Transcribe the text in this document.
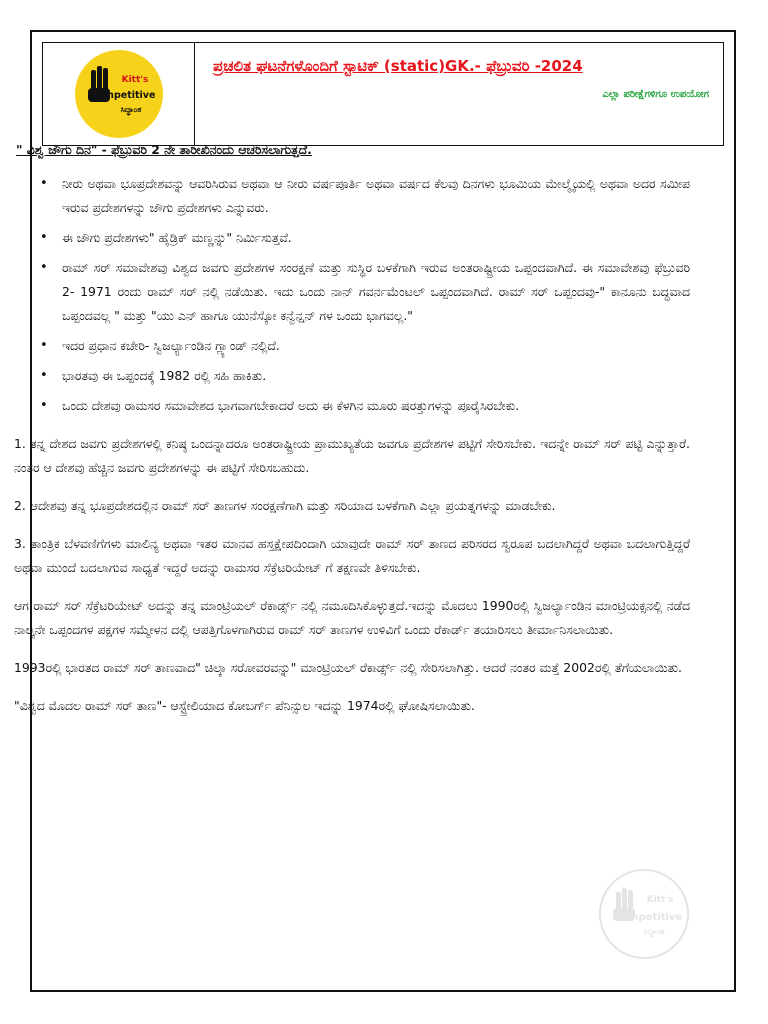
Kitt's
Competitive
ಸಿದ್ಧಾಂತ
ಪ್ರಚಲಿತ ಘಟನೆಗಳೊಂದಿಗೆ ಸ್ಟಾಟಿಕ್ (static)GK.- ಫೆಬ್ರುವರಿ -2024
ಎಲ್ಲಾ ಪರೀಕ್ಷೆಗಳಿಗೂ ಉಪಯೋಗ
" ವಿಶ್ವ ಜೌಗು ದಿನ" - ಫೆಬ್ರುವರಿ 2 ನೇ ತಾರೀಖಿನಂದು ಆಚರಿಸಲಾಗುತ್ತದೆ.
• ನೀರು ಅಥವಾ ಭೂಪ್ರದೇಶವನ್ನು ಆವರಿಸಿರುವ ಅಥವಾ ಆ ನೀರು ವರ್ಷಪೂರ್ತಿ ಅಥವಾ ವರ್ಷದ ಕೆಲವು ದಿನಗಳು ಭೂಮಿಯ ಮೇಲ್ಮೈಯಲ್ಲಿ ಅಥವಾ ಅದರ ಸಮೀಪ ಇರುವ ಪ್ರದೇಶಗಳನ್ನು ಜೌಗು ಪ್ರದೇಶಗಳು ಎನ್ನುವರು.
• ಈ ಜೌಗು ಪ್ರದೇಶಗಳು" ಹೈಡ್ರಿಕ್ ಮಣ್ಣನ್ನು" ನಿರ್ಮಿಸುತ್ತವೆ.
• ರಾಮ್ ಸರ್ ಸಮಾವೇಶವು ವಿಶ್ವದ ಜವಗು ಪ್ರದೇಶಗಳ ಸಂರಕ್ಷಣೆ ಮತ್ತು ಸುಸ್ಥಿರ ಬಳಕೆಗಾಗಿ ಇರುವ ಅಂತರಾಷ್ಟ್ರೀಯ ಒಪ್ಪಂದವಾಗಿದೆ. ಈ ಸಮಾವೇಶವು ಫೆಬ್ರುವರಿ 2- 1971 ರಂದು ರಾಮ್ ಸರ್ ನಲ್ಲಿ ನಡೆಯಿತು. ಇದು ಒಂದು ನಾನ್ ಗವರ್ನಮೆಂಟಲ್ ಒಪ್ಪಂದವಾಗಿದೆ. ರಾಮ್ ಸರ್ ಒಪ್ಪಂದವು-" ಕಾನೂನು ಬದ್ಧವಾದ ಒಪ್ಪಂದವಲ್ಲ " ಮತ್ತು "ಯು ಎನ್ ಹಾಗೂ ಯುನೆಸ್ಕೋ ಕನ್ವೆನ್ಷನ್ ಗಳ ಒಂದು ಭಾಗವಲ್ಲ."
• ಇದರ ಪ್ರಧಾನ ಕಚೇರಿ- ಸ್ವಿಜರ್ಲ್ಯಾಂಡಿನ ಗ್ಲ್ಯಾಂಡ್ ನಲ್ಲಿದೆ.
• ಭಾರತವು ಈ ಒಪ್ಪಂದಕ್ಕೆ 1982 ರಲ್ಲಿ ಸಹಿ ಹಾಕಿತು.
• ಒಂದು ದೇಶವು ರಾಮಸರ ಸಮಾವೇಶದ ಭಾಗವಾಗಬೇಕಾದರೆ ಅದು ಈ ಕೆಳಗಿನ ಮೂರು ಷರತ್ತುಗಳನ್ನು ಪೂರೈಸಿರಬೇಕು.

1. ತನ್ನ ದೇಶದ ಜವಗು ಪ್ರದೇಶಗಳಲ್ಲಿ ಕನಿಷ್ಠ ಒಂದನ್ನಾದರೂ ಅಂತರಾಷ್ಟ್ರೀಯ ಪ್ರಾಮುಖ್ಯತೆಯ ಜವಗೂ ಪ್ರದೇಶಗಳ ಪಟ್ಟಿಗೆ ಸೇರಿಸಬೇಕು. ಇದನ್ನೇ ರಾಮ್ ಸರ್ ಪಟ್ಟಿ ಎನ್ನುತ್ತಾರೆ. ನಂತರ ಆ ದೇಶವು ಹೆಚ್ಚಿನ ಜವಗು ಪ್ರದೇಶಗಳನ್ನು ಈ ಪಟ್ಟಿಗೆ ಸೇರಿಸಬಹುದು.

2. ಆದೇಶವು ತನ್ನ ಭೂಪ್ರದೇಶದಲ್ಲಿನ ರಾಮ್ ಸರ್ ತಾಣಗಳ ಸಂರಕ್ಷಣೆಗಾಗಿ ಮತ್ತು ಸರಿಯಾದ ಬಳಕೆಗಾಗಿ ಎಲ್ಲಾ ಪ್ರಯತ್ನಗಳನ್ನು ಮಾಡಬೇಕು.

3. ತಾಂತ್ರಿಕ ಬೆಳವಣಿಗೆಗಳು ಮಾಲಿನ್ಯ ಅಥವಾ ಇತರ ಮಾನವ ಹಸ್ತಕ್ಷೇಪದಿಂದಾಗಿ ಯಾವುದೇ ರಾಮ್ ಸರ್ ತಾಣದ ಪರಿಸರದ ಸ್ವರೂಪ ಬದಲಾಗಿದ್ದರೆ ಅಥವಾ ಬದಲಾಗುತ್ತಿದ್ದರೆ ಅಥವಾ ಮುಂದೆ ಬದಲಾಗುವ ಸಾಧ್ಯತೆ ಇದ್ದರೆ ಅದನ್ನು ರಾಮಸರ ಸೆಕ್ರೆಟರಿಯೇಟ್ ಗೆ ತಕ್ಷಣವೇ ತಿಳಿಸಬೇಕು.

ಆಗ ರಾಮ್ ಸರ್ ಸೆಕ್ರೆಟರಿಯೇಟ್ ಅದನ್ನು ತನ್ನ ಮಾಂಟ್ರಿಯಲ್ ರೆಕಾರ್ಡ್ಸ್ ನಲ್ಲಿ ನಮೂದಿಸಿಕೊಳ್ಳುತ್ತದೆ.ಇದನ್ನು ಮೊದಲು 1990ರಲ್ಲಿ ಸ್ವಿಜರ್ಲ್ಯಾಂಡಿನ ಮಾಂಟ್ರಿಯಕ್ಸನಲ್ಲಿ ನಡೆದ ನಾಲ್ಕನೇ ಒಪ್ಪಂದಗಳ ಪಕ್ಷಗಳ ಸಮ್ಮೇಳನ ದಲ್ಲಿ ಆಪತ್ತಿಗೊಳಗಾಗಿರುವ ರಾಮ್ ಸರ್ ತಾಣಗಳ ಉಳಿವಿಗೆ ಒಂದು ರೆಕಾರ್ಡ್ ತಯಾರಿಸಲು ತೀರ್ಮಾನಿಸಲಾಯಿತು.

1993ರಲ್ಲಿ ಭಾರತದ ರಾಮ್ ಸರ್ ತಾಣವಾದ" ಚಿಲ್ಕಾ ಸರೋವರವನ್ನು" ಮಾಂಟ್ರಿಯಲ್ ರೆಕಾರ್ಡ್ಸ್ ನಲ್ಲಿ ಸೇರಿಸಲಾಗಿತ್ತು. ಆದರೆ ನಂತರ ಮತ್ತೆ 2002ರಲ್ಲಿ ತೆಗೆಯಲಾಯಿತು.

"ವಿಶ್ವದ ಮೊದಲ ರಾಮ್ ಸರ್ ತಾಣ"- ಆಸ್ಟ್ರೇಲಿಯಾದ ಕೋಬರ್ಗ್ ಪೆನಿನ್ಸುಲ ಇದನ್ನು 1974ರಲ್ಲಿ ಘೋಷಿಸಲಾಯಿತು.

Kitt's
Competitive
ಸಿದ್ಧಾಂತ
